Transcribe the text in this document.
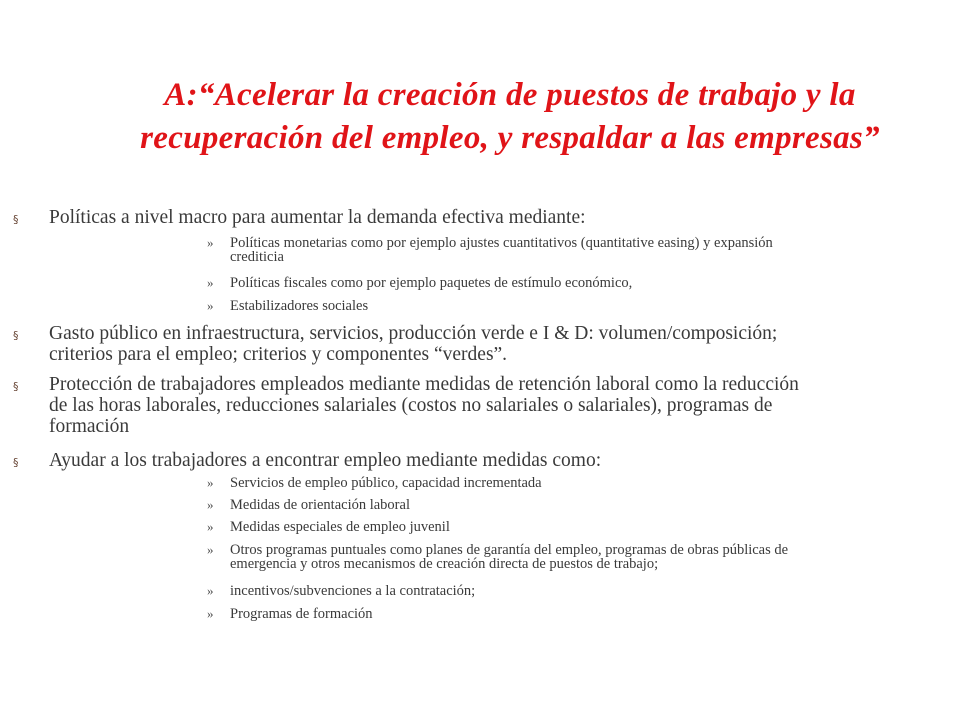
A:“Acelerar la creación de puestos de trabajo y la
recuperación del empleo, y respaldar a las empresas”
§ Políticas a nivel macro para aumentar la demanda efectiva mediante:
» Políticas monetarias como por ejemplo ajustes cuantitativos (quantitative easing) y expansión
crediticia
» Políticas fiscales como por ejemplo paquetes de estímulo económico,
» Estabilizadores sociales
§ Gasto público en infraestructura, servicios, producción verde e I & D: volumen/composición;
criterios para el empleo; criterios y componentes “verdes”.
§ Protección de trabajadores empleados mediante medidas de retención laboral como la reducción
de las horas laborales, reducciones salariales (costos no salariales o salariales), programas de
formación
§ Ayudar a los trabajadores a encontrar empleo mediante medidas como:
» Servicios de empleo público, capacidad incrementada
» Medidas de orientación laboral
» Medidas especiales de empleo juvenil
» Otros programas puntuales como planes de garantía del empleo, programas de obras públicas de
emergencia y otros mecanismos de creación directa de puestos de trabajo;
» incentivos/subvenciones a la contratación;
» Programas de formación
